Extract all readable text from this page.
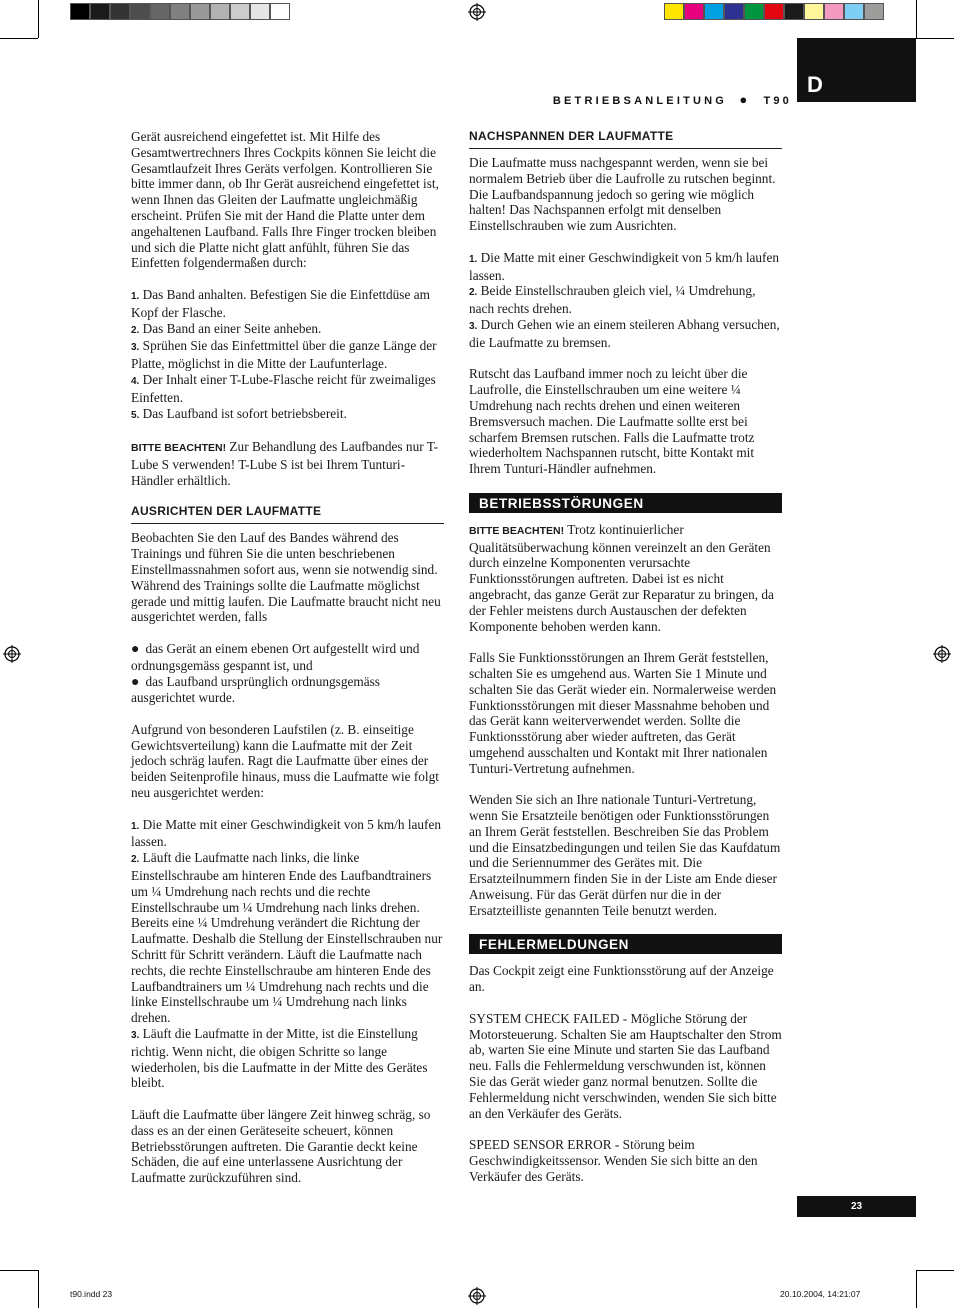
BETRIEBSANLEITUNG ● T90
D

Gerät ausreichend eingefettet ist. Mit Hilfe des Gesamtwertrechners Ihres Cockpits können Sie leicht die Gesamtlaufzeit Ihres Geräts verfolgen. Kontrollieren Sie bitte immer dann, ob Ihr Gerät ausreichend eingefettet ist, wenn Ihnen das Gleiten der Laufmatte ungleichmäßig erscheint. Prüfen Sie mit der Hand die Platte unter dem angehaltenen Laufband. Falls Ihre Finger trocken bleiben und sich die Platte nicht glatt anfühlt, führen Sie das Einfetten folgendermaßen durch:

1. Das Band anhalten. Befestigen Sie die Einfettdüse am Kopf der Flasche.

2. Das Band an einer Seite anheben.

3. Sprühen Sie das Einfettmittel über die ganze Länge der Platte, möglichst in die Mitte der Laufunterlage.

4. Der Inhalt einer T-Lube-Flasche reicht für zweimaliges Einfetten.

5. Das Laufband ist sofort betriebsbereit.

BITTE BEACHTEN! Zur Behandlung des Laufbandes nur T-Lube S verwenden! T-Lube S ist bei Ihrem Tunturi-Händler erhältlich.

AUSRICHTEN DER LAUFMATTE

Beobachten Sie den Lauf des Bandes während des Trainings und führen Sie die unten beschriebenen Einstellmassnahmen sofort aus, wenn sie notwendig sind. Während des Trainings sollte die Laufmatte möglichst gerade und mittig laufen. Die Laufmatte braucht nicht neu ausgerichtet werden, falls

● das Gerät an einem ebenen Ort aufgestellt wird und ordnungsgemäss gespannt ist, und

● das Laufband ursprünglich ordnungsgemäss ausgerichtet wurde.

Aufgrund von besonderen Laufstilen (z. B. einseitige Gewichtsverteilung) kann die Laufmatte mit der Zeit jedoch schräg laufen. Ragt die Laufmatte über eines der beiden Seitenprofile hinaus, muss die Laufmatte wie folgt neu ausgerichtet werden:

1. Die Matte mit einer Geschwindigkeit von 5 km/h laufen lassen.

2. Läuft die Laufmatte nach links, die linke Einstellschraube am hinteren Ende des Laufbandtrainers um ¼ Umdrehung nach rechts und die rechte Einstellschraube um ¼ Umdrehung nach links drehen. Bereits eine ¼ Umdrehung verändert die Richtung der Laufmatte. Deshalb die Stellung der Einstellschrauben nur Schritt für Schritt verändern. Läuft die Laufmatte nach rechts, die rechte Einstellschraube am hinteren Ende des Laufbandtrainers um ¼ Umdrehung nach rechts und die linke Einstellschraube um ¼ Umdrehung nach links drehen.

3. Läuft die Laufmatte in der Mitte, ist die Einstellung richtig. Wenn nicht, die obigen Schritte so lange wiederholen, bis die Laufmatte in der Mitte des Gerätes bleibt.

Läuft die Laufmatte über längere Zeit hinweg schräg, so dass es an der einen Geräteseite scheuert, können Betriebsstörungen auftreten. Die Garantie deckt keine Schäden, die auf eine unterlassene Ausrichtung der Laufmatte zurückzuführen sind.

NACHSPANNEN DER LAUFMATTE

Die Laufmatte muss nachgespannt werden, wenn sie bei normalem Betrieb über die Laufrolle zu rutschen beginnt. Die Laufbandspannung jedoch so gering wie möglich halten! Das Nachspannen erfolgt mit denselben Einstellschrauben wie zum Ausrichten.

1. Die Matte mit einer Geschwindigkeit von 5 km/h laufen lassen.

2. Beide Einstellschrauben gleich viel, ¼ Umdrehung, nach rechts drehen.

3. Durch Gehen wie an einem steileren Abhang versuchen, die Laufmatte zu bremsen.

Rutscht das Laufband immer noch zu leicht über die Laufrolle, die Einstellschrauben um eine weitere ¼ Umdrehung nach rechts drehen und einen weiteren Bremsversuch machen. Die Laufmatte sollte erst bei scharfem Bremsen rutschen. Falls die Laufmatte trotz wiederholtem Nachspannen rutscht, bitte Kontakt mit Ihrem Tunturi-Händler aufnehmen.

BETRIEBSSTÖRUNGEN

BITTE BEACHTEN! Trotz kontinuierlicher Qualitätsüberwachung können vereinzelt an den Geräten durch einzelne Komponenten verursachte Funktionsstörungen auftreten. Dabei ist es nicht angebracht, das ganze Gerät zur Reparatur zu bringen, da der Fehler meistens durch Austauschen der defekten Komponente behoben werden kann.

Falls Sie Funktionsstörungen an Ihrem Gerät feststellen, schalten Sie es umgehend aus. Warten Sie 1 Minute und schalten Sie das Gerät wieder ein. Normalerweise werden Funktionsstörungen mit dieser Massnahme behoben und das Gerät kann weiterverwendet werden. Sollte die Funktionsstörung aber wieder auftreten, das Gerät umgehend ausschalten und Kontakt mit Ihrer nationalen Tunturi-Vertretung aufnehmen.

Wenden Sie sich an Ihre nationale Tunturi-Vertretung, wenn Sie Ersatzteile benötigen oder Funktionsstörungen an Ihrem Gerät feststellen. Beschreiben Sie das Problem und die Einsatzbedingungen und teilen Sie das Kaufdatum und die Seriennummer des Gerätes mit. Die Ersatzteilnummern finden Sie in der Liste am Ende dieser Anweisung. Für das Gerät dürfen nur die in der Ersatzteilliste genannten Teile benutzt werden.

FEHLERMELDUNGEN

Das Cockpit zeigt eine Funktionsstörung auf der Anzeige an.

SYSTEM CHECK FAILED - Mögliche Störung der Motorsteuerung. Schalten Sie am Hauptschalter den Strom ab, warten Sie eine Minute und starten Sie das Laufband neu. Falls die Fehlermeldung verschwunden ist, können Sie das Gerät wieder ganz normal benutzen. Sollte die Fehlermeldung nicht verschwinden, wenden Sie sich bitte an den Verkäufer des Geräts.

SPEED SENSOR ERROR - Störung beim Geschwindigkeitssensor. Wenden Sie sich bitte an den Verkäufer des Geräts.

23
t90.indd 23	20.10.2004, 14:21:07
